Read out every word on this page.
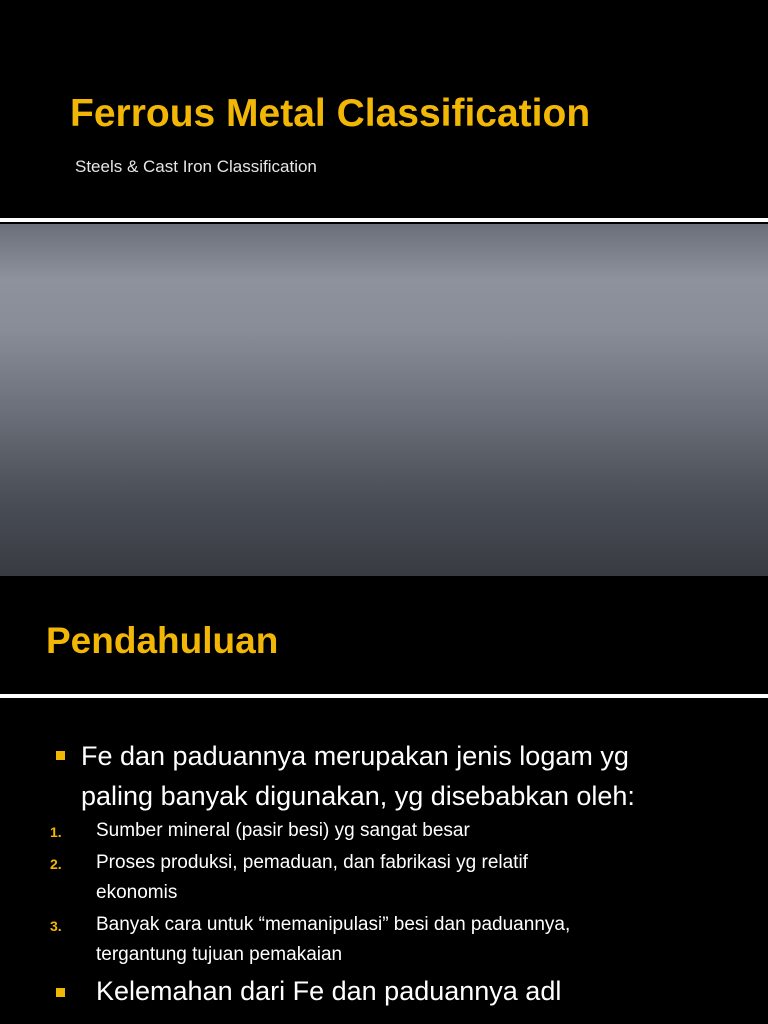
Ferrous Metal Classification

Steels & Cast Iron Classification

Pendahuluan

Fe dan paduannya merupakan jenis logam yg

paling banyak digunakan, yg disebabkan oleh:

1. Sumber mineral (pasir besi) yg sangat besar

2. Proses produksi, pemaduan, dan fabrikasi yg relatif

ekonomis

3. Banyak cara untuk “memanipulasi” besi dan paduannya,

tergantung tujuan pemakaian

Kelemahan dari Fe dan paduannya adl
